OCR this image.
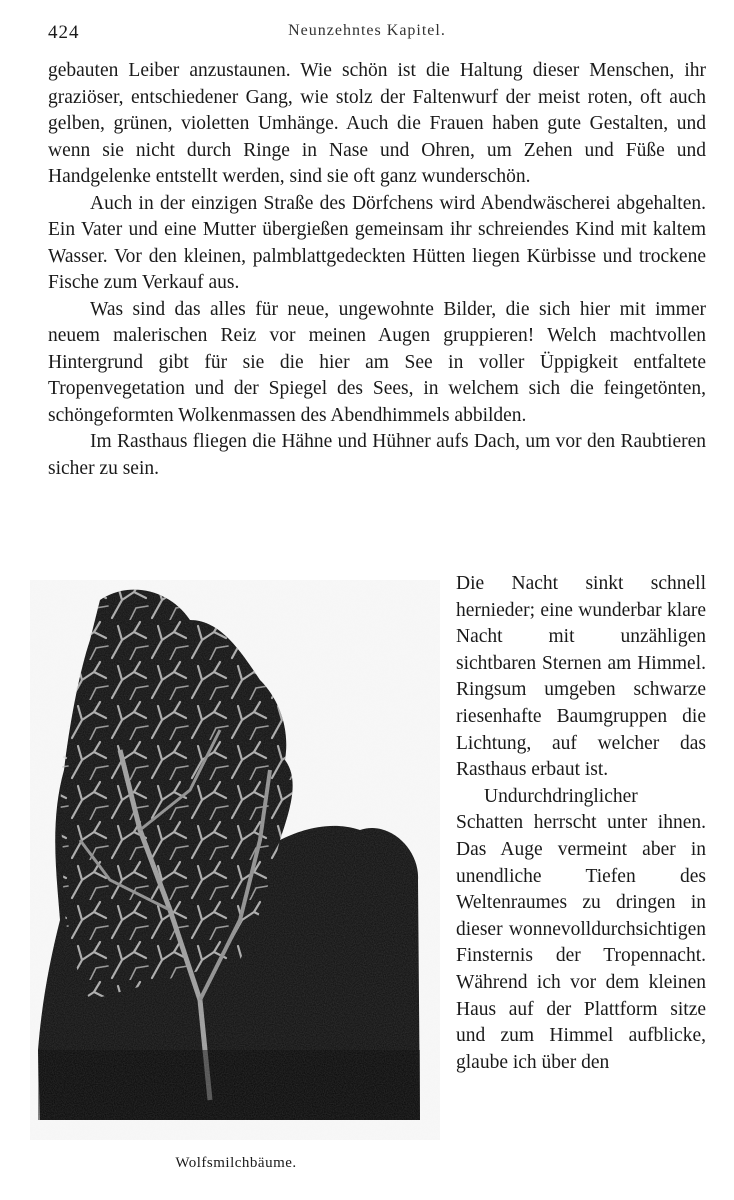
424	Neunzehntes Kapitel.

gebauten Leiber anzustaunen. Wie schön ist die Haltung dieser Menschen, ihr graziöser, entschiedener Gang, wie stolz der Faltenwurf der meist roten, oft auch gelben, grünen, violetten Umhänge. Auch die Frauen haben gute Gestalten, und wenn sie nicht durch Ringe in Nase und Ohren, um Zehen und Füße und Handgelenke entstellt werden, sind sie oft ganz wunderschön.

Auch in der einzigen Straße des Dörfchens wird Abendwäscherei abgehalten. Ein Vater und eine Mutter übergießen gemeinsam ihr schreiendes Kind mit kaltem Wasser. Vor den kleinen, palmblattgedeckten Hütten liegen Kürbisse und trockene Fische zum Verkauf aus.

Was sind das alles für neue, ungewohnte Bilder, die sich hier mit immer neuem malerischen Reiz vor meinen Augen gruppieren! Welch machtvollen Hintergrund gibt für sie die hier am See in voller Üppigkeit entfaltete Tropenvegetation und der Spiegel des Sees, in welchem sich die feingetönten, schöngeformten Wolkenmassen des Abendhimmels abbilden.

Im Rasthaus fliegen die Hähne und Hühner aufs Dach, um vor den Raubtieren sicher zu sein.

Die Nacht sinkt schnell hernieder; eine wunderbar klare Nacht mit unzähligen sichtbaren Sternen am Himmel. Ringsum umgeben schwarze riesenhafte Baumgruppen die Lichtung, auf welcher das Rasthaus erbaut ist.

Undurchdringlicher Schatten herrscht unter ihnen. Das Auge vermeint aber in unendliche Tiefen des Weltenraumes zu dringen in dieser wonnevolldurchsichtigen Finsternis der Tropennacht. Während ich vor dem kleinen Haus auf der Plattform sitze und zum Himmel aufblicke, glaube ich über den

Wolfsmilchbäume.
